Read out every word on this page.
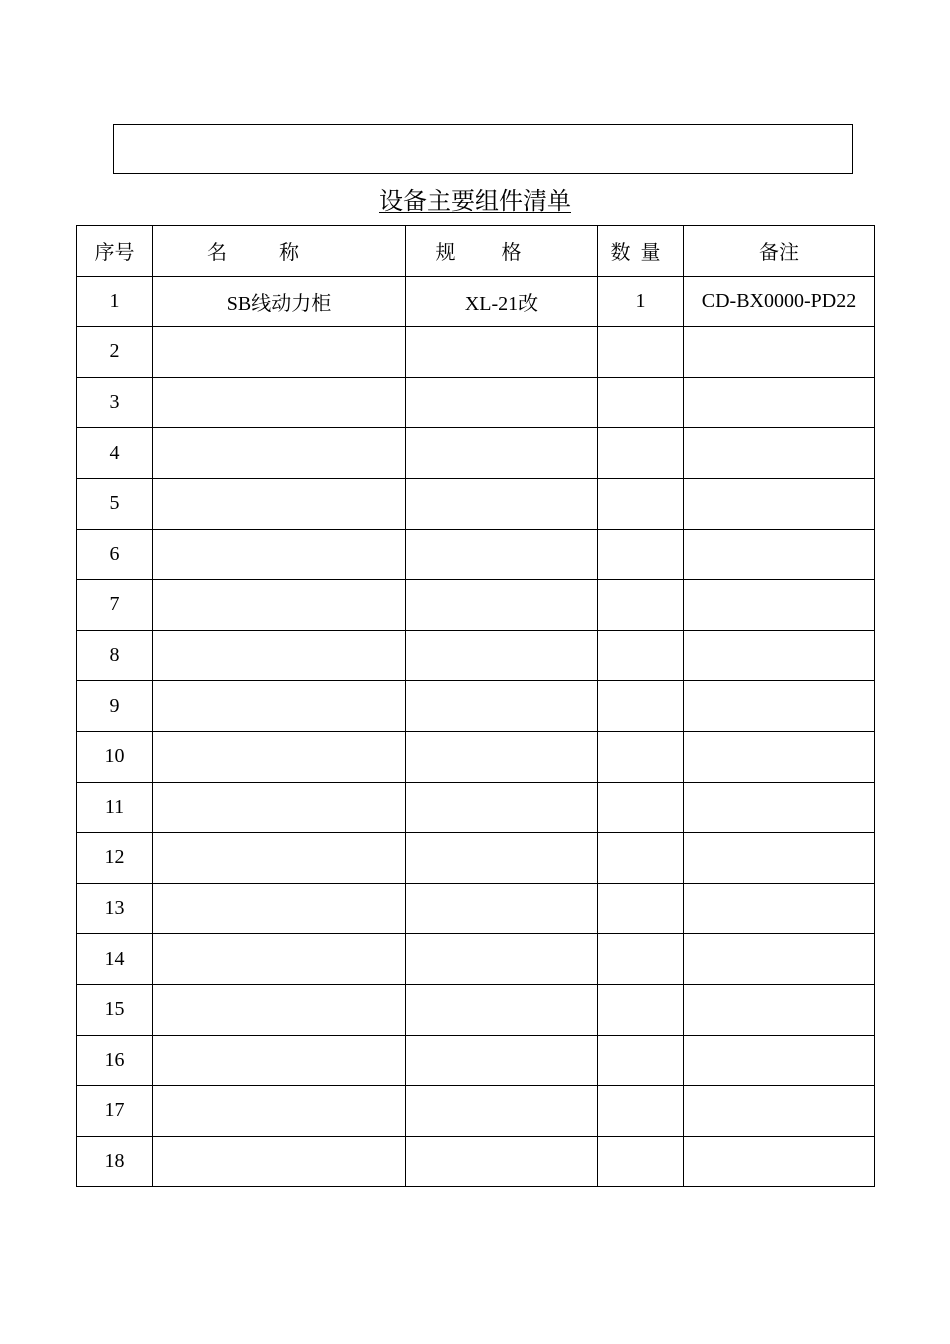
设备主要组件清单
序号	名称	规格	数量	备注
1	SB线动力柜	XL-21改	1	CD-BX0000-PD22
2				
3				
4				
5				
6				
7				
8				
9				
10				
11				
12				
13				
14				
15				
16				
17				
18				
